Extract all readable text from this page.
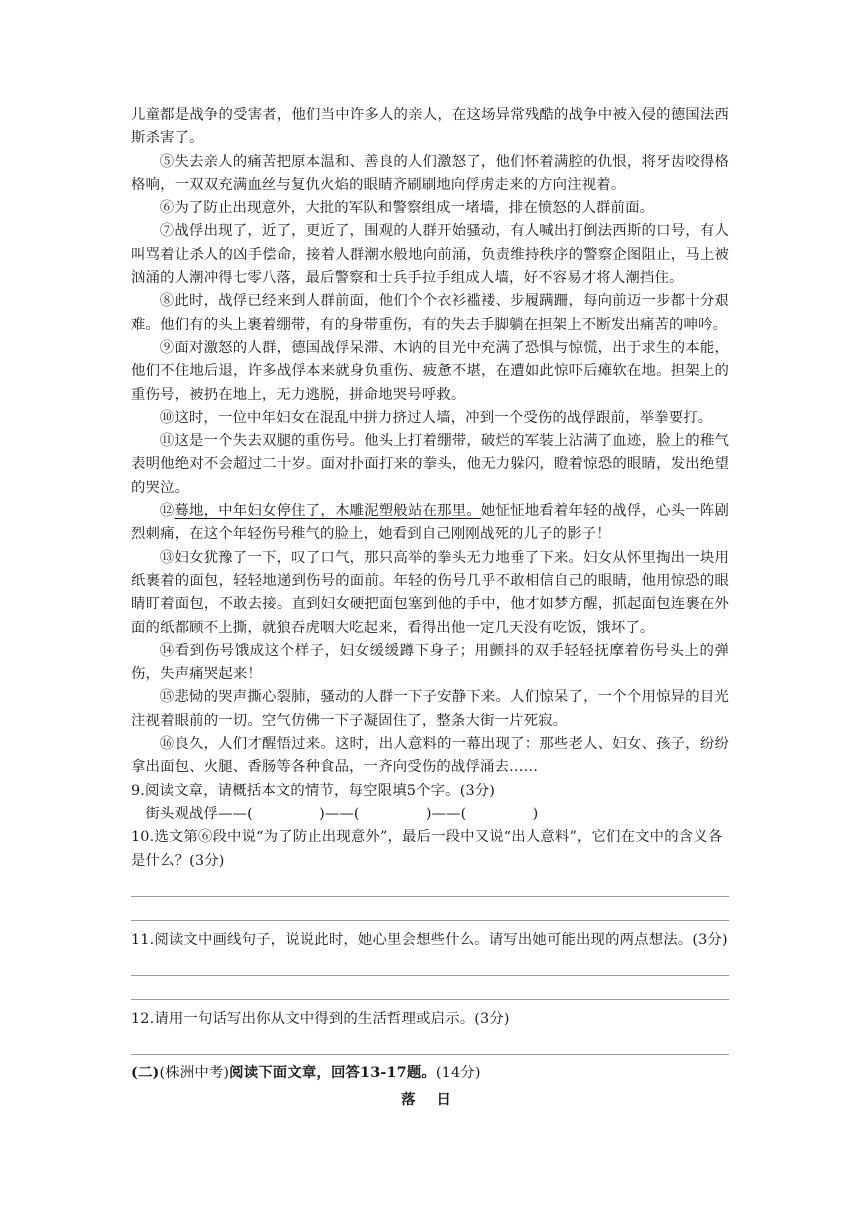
儿童都是战争的受害者，他们当中许多人的亲人，在这场异常残酷的战争中被入侵的德国法西斯杀害了。

⑤失去亲人的痛苦把原本温和、善良的人们激怒了，他们怀着满腔的仇恨，将牙齿咬得格格响，一双双充满血丝与复仇火焰的眼睛齐刷刷地向俘虏走来的方向注视着。

⑥为了防止出现意外，大批的军队和警察组成一堵墙，排在愤怒的人群前面。

⑦战俘出现了，近了，更近了，围观的人群开始骚动，有人喊出打倒法西斯的口号，有人叫骂着让杀人的凶手偿命，接着人群潮水般地向前涌，负责维持秩序的警察企图阻止，马上被汹涌的人潮冲得七零八落，最后警察和士兵手拉手组成人墙，好不容易才将人潮挡住。

⑧此时，战俘已经来到人群前面，他们个个衣衫褴褛、步履蹒跚，每向前迈一步都十分艰难。他们有的头上裹着绷带，有的身带重伤，有的失去手脚躺在担架上不断发出痛苦的呻吟。

⑨面对激怒的人群，德国战俘呆滞、木讷的目光中充满了恐惧与惊慌，出于求生的本能，他们不住地后退，许多战俘本来就身负重伤、疲惫不堪，在遭如此惊吓后瘫软在地。担架上的重伤号，被扔在地上，无力逃脱，拼命地哭号呼救。

⑩这时，一位中年妇女在混乱中拼力挤过人墙，冲到一个受伤的战俘跟前，举拳要打。

⑪这是一个失去双腿的重伤号。他头上打着绷带，破烂的军装上沾满了血迹，脸上的稚气表明他绝对不会超过二十岁。面对扑面打来的拳头，他无力躲闪，瞪着惊恐的眼睛，发出绝望的哭泣。

⑫蓦地，中年妇女停住了，木雕泥塑般站在那里。她怔怔地看着年轻的战俘，心头一阵剧烈刺痛，在这个年轻伤号稚气的脸上，她看到自己刚刚战死的儿子的影子！

⑬妇女犹豫了一下，叹了口气，那只高举的拳头无力地垂了下来。妇女从怀里掏出一块用纸裹着的面包，轻轻地递到伤号的面前。年轻的伤号几乎不敢相信自己的眼睛，他用惊恐的眼睛盯着面包，不敢去接。直到妇女硬把面包塞到他的手中，他才如梦方醒，抓起面包连裹在外面的纸都顾不上撕，就狼吞虎咽大吃起来，看得出他一定几天没有吃饭，饿坏了。

⑭看到伤号饿成这个样子，妇女缓缓蹲下身子；用颤抖的双手轻轻抚摩着伤号头上的弹伤，失声痛哭起来！

⑮悲恸的哭声撕心裂肺，骚动的人群一下子安静下来。人们惊呆了，一个个用惊异的目光注视着眼前的一切。空气仿佛一下子凝固住了，整条大街一片死寂。

⑯良久，人们才醒悟过来。这时，出人意料的一幕出现了：那些老人、妇女、孩子，纷纷拿出面包、火腿、香肠等各种食品，一齐向受伤的战俘涌去……

9.阅读文章，请概括本文的情节，每空限填5个字。(3分)

街头观战俘——(              )——(              )——(              )

10.选文第⑥段中说“为了防止出现意外”，最后一段中又说“出人意料”，它们在文中的含义各是什么？(3分)

11.阅读文中画线句子，说说此时，她心里会想些什么。请写出她可能出现的两点想法。(3分)

12.请用一句话写出你从文中得到的生活哲理或启示。(3分)

(二)(株洲中考)阅读下面文章，回答13-17题。(14分)

落 日
